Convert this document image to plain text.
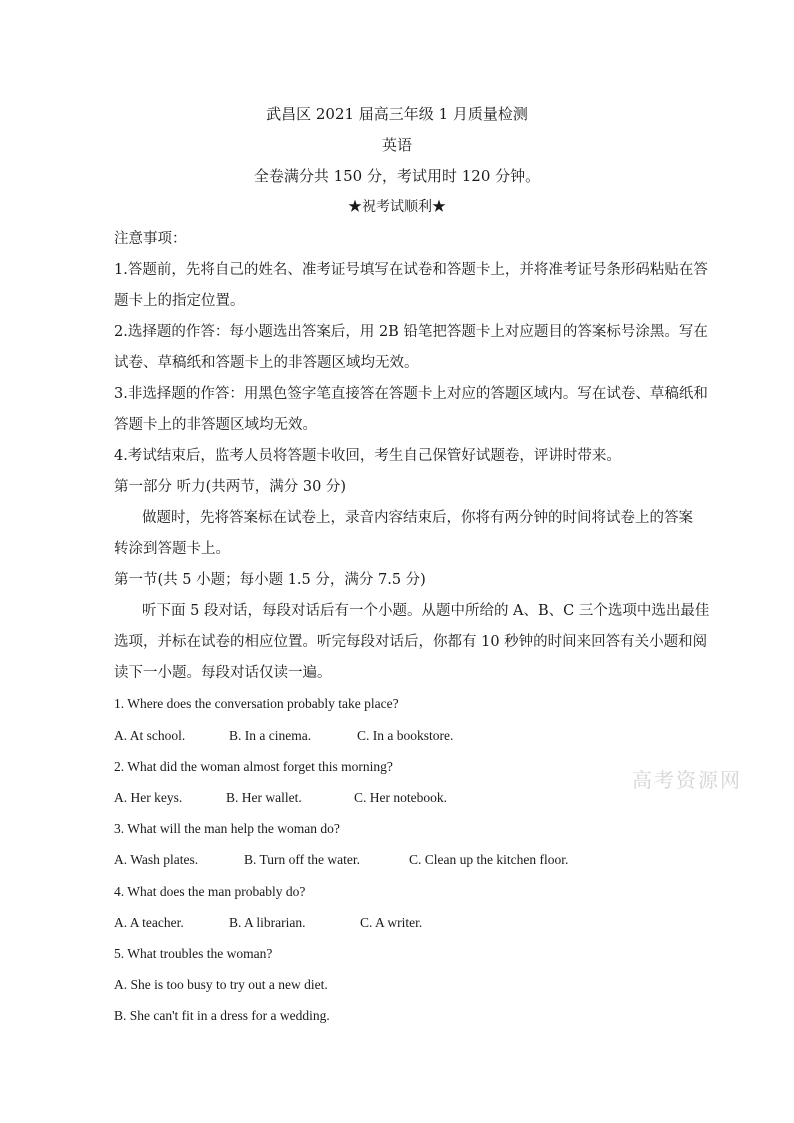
武昌区 2021 届高三年级 1 月质量检测
英语
全卷满分共 150 分，考试用时 120 分钟。
★祝考试顺利★
注意事项：
1.答题前，先将自己的姓名、准考证号填写在试卷和答题卡上，并将准考证号条形码粘贴在答
题卡上的指定位置。
2.选择题的作答：每小题选出答案后，用 2B 铅笔把答题卡上对应题目的答案标号涂黑。写在
试卷、草稿纸和答题卡上的非答题区域均无效。
3.非选择题的作答：用黑色签字笔直接答在答题卡上对应的答题区域内。写在试卷、草稿纸和
答题卡上的非答题区域均无效。
4.考试结束后，监考人员将答题卡收回，考生自己保管好试题卷，评讲时带来。
第一部分 听力(共两节，满分 30 分)
做题时，先将答案标在试卷上，录音内容结束后，你将有两分钟的时间将试卷上的答案
转涂到答题卡上。
第一节(共 5 小题；每小题 1.5 分，满分 7.5 分)
听下面 5 段对话，每段对话后有一个小题。从题中所给的 A、B、C 三个选项中选出最佳
选项，并标在试卷的相应位置。听完每段对话后，你都有 10 秒钟的时间来回答有关小题和阅
读下一小题。每段对话仅读一遍。
1. Where does the conversation probably take place?
A. At school.	B. In a cinema.	C. In a bookstore.
2. What did the woman almost forget this morning?
A. Her keys.	B. Her wallet.	C. Her notebook.
3. What will the man help the woman do?
A. Wash plates.	B. Turn off the water.	C. Clean up the kitchen floor.
4. What does the man probably do?
A. A teacher.	B. A librarian.	C. A writer.
5. What troubles the woman?
A. She is too busy to try out a new diet.
B. She can't fit in a dress for a wedding.
高考资源网
